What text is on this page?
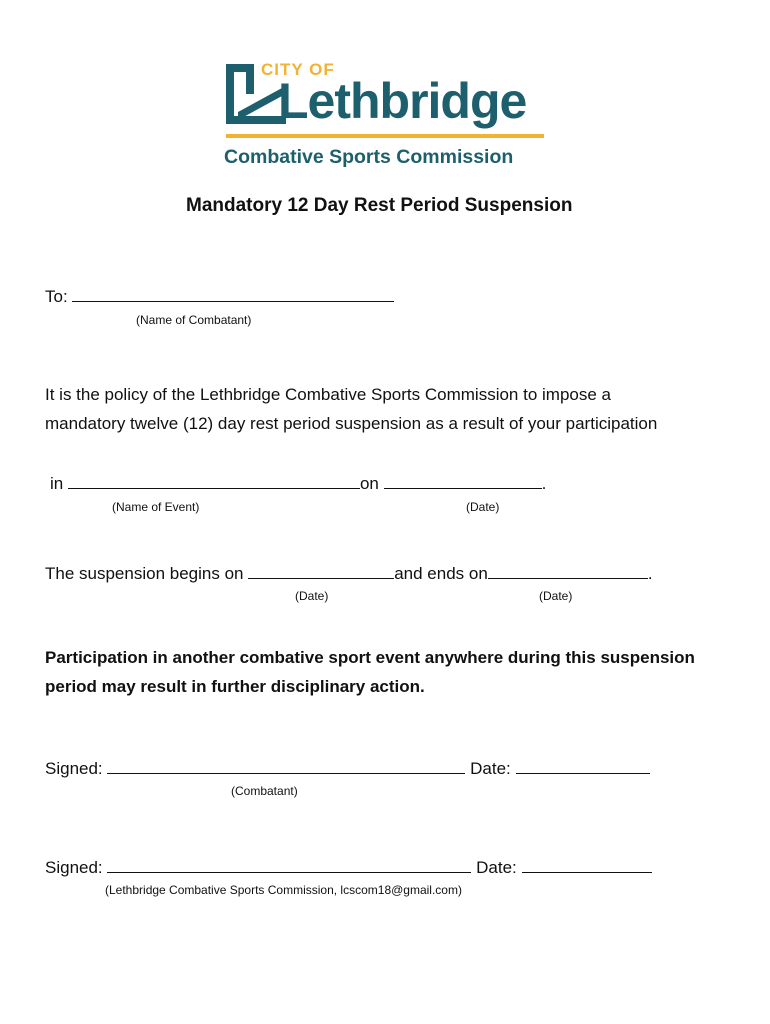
CITY OF
Lethbridge
Combative Sports Commission
Mandatory 12 Day Rest Period Suspension
To:
(Name of Combatant)
It is the policy of the Lethbridge Combative Sports Commission to impose a
mandatory twelve (12) day rest period suspension as a result of your participation
in	on	.
(Name of Event)	(Date)
The suspension begins on	and ends on	.
(Date)	(Date)
Participation in another combative sport event anywhere during this suspension
period may result in further disciplinary action.
Signed:	Date:
(Combatant)
Signed:	Date:
(Lethbridge Combative Sports Commission, lcscom18@gmail.com)
